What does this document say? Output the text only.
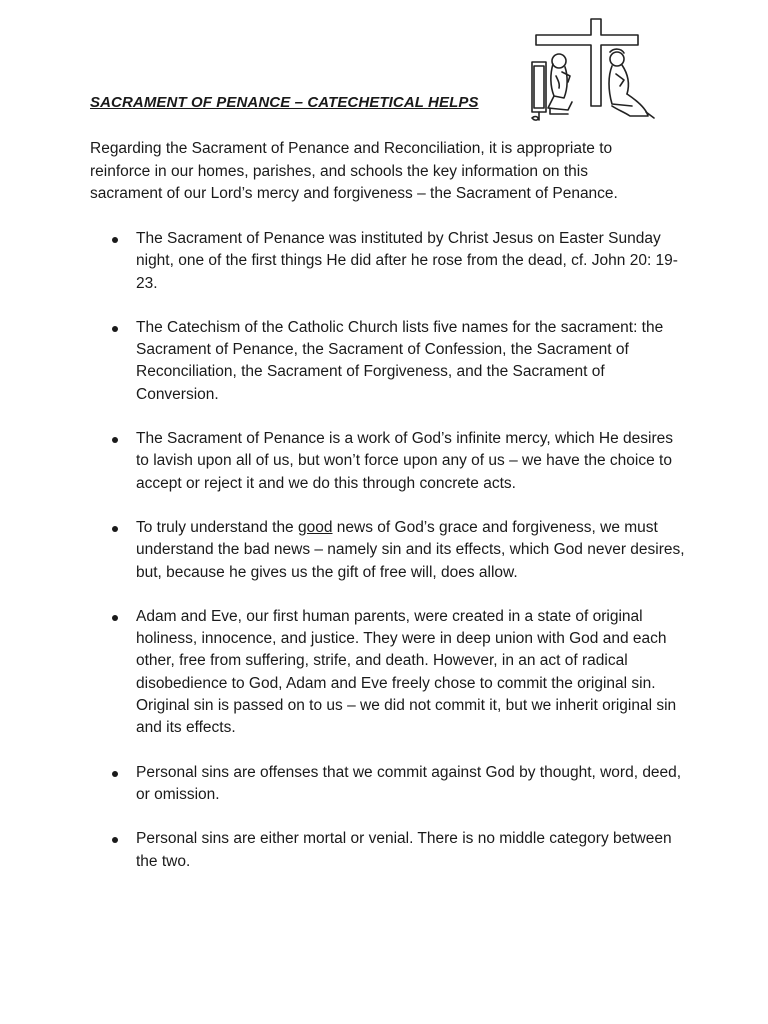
SACRAMENT OF PENANCE – CATECHETICAL HELPS

Regarding the Sacrament of Penance and Reconciliation, it is appropriate to reinforce in our homes, parishes, and schools the key information on this sacrament of our Lord’s mercy and forgiveness – the Sacrament of Penance.

The Sacrament of Penance was instituted by Christ Jesus on Easter Sunday night, one of the first things He did after he rose from the dead, cf. John 20: 19-23.
The Catechism of the Catholic Church lists five names for the sacrament: the Sacrament of Penance, the Sacrament of Confession, the Sacrament of Reconciliation, the Sacrament of Forgiveness, and the Sacrament of Conversion.
The Sacrament of Penance is a work of God’s infinite mercy, which He desires to lavish upon all of us, but won’t force upon any of us – we have the choice to accept or reject it and we do this through concrete acts.
To truly understand the good news of God’s grace and forgiveness, we must understand the bad news – namely sin and its effects, which God never desires, but, because he gives us the gift of free will, does allow.
Adam and Eve, our first human parents, were created in a state of original holiness, innocence, and justice. They were in deep union with God and each other, free from suffering, strife, and death. However, in an act of radical disobedience to God, Adam and Eve freely chose to commit the original sin. Original sin is passed on to us – we did not commit it, but we inherit original sin and its effects.
Personal sins are offenses that we commit against God by thought, word, deed, or omission.
Personal sins are either mortal or venial. There is no middle category between the two.
